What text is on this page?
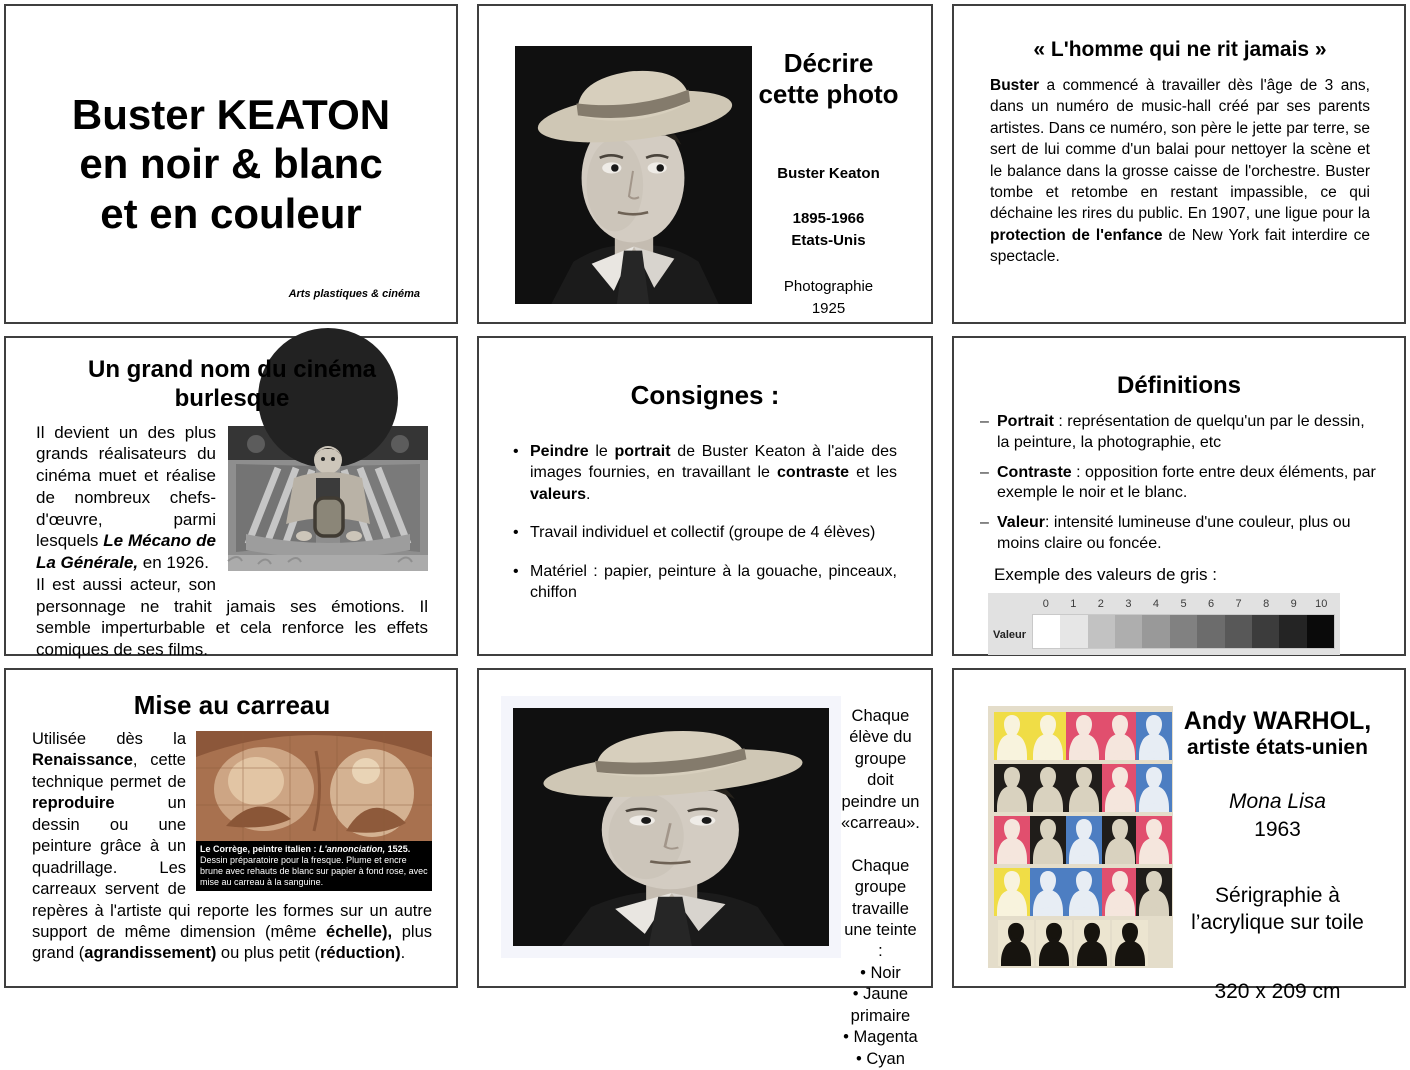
Buster KEATON
en noir & blanc
et en couleur
Arts plastiques & cinéma
Décrire cette photo
Buster Keaton
1895-1966
Etats-Unis
Photographie
1925
« L'homme qui ne rit jamais »

Buster a commencé à travailler dès l'âge de 3 ans, dans un numéro de music-hall créé par ses parents artistes. Dans ce numéro, son père le jette par terre, se sert de lui comme d'un balai pour nettoyer la scène et le balance dans la grosse caisse de l'orchestre. Buster tombe et retombe en restant impassible, ce qui déchaine les rires du public. En 1907, une ligue pour la protection de l'enfance de New York fait interdire ce spectacle.

Un grand nom du cinéma burlesque
Il devient un des plus grands réalisateurs du cinéma muet et réalise de nombreux chefs-d'œuvre, parmi lesquels Le Mécano de La Générale, en 1926.
Il est aussi acteur, son personnage ne trahit jamais ses émotions. Il semble imperturbable et cela renforce les effets comiques de ses films.
Consignes :
• Peindre le portrait de Buster Keaton à l'aide des images fournies, en travaillant le contraste et les valeurs.
• Travail individuel et collectif (groupe de 4 élèves)
• Matériel : papier, peinture à la gouache, pinceaux, chiffon
Définitions
– Portrait : représentation de quelqu'un par le dessin, la peinture, la photographie, etc
– Contraste : opposition forte entre deux éléments, par exemple le noir et le blanc.
– Valeur: intensité lumineuse d'une couleur, plus ou moins claire ou foncée.
Exemple des valeurs de gris :
Valeur
0	1	2	3	4	5	6	7	8	9	10
Mise au carreau
Le Corrège, peintre italien : L'annonciation, 1525. Dessin préparatoire pour la fresque. Plume et encre brune avec rehauts de blanc sur papier à fond rose, avec mise au carreau à la sanguine.
Utilisée dès la Renaissance, cette technique permet de reproduire un dessin ou une peinture grâce à un quadrillage. Les carreaux servent de repères à l'artiste qui reporte les formes sur un autre support de même dimension (même échelle), plus grand (agrandissement) ou plus petit (réduction).
Chaque élève du groupe doit peindre un «carreau».
Chaque groupe travaille une teinte :
• Noir
• Jaune primaire
• Magenta
• Cyan
Andy WARHOL,
artiste états-unien
Mona Lisa
1963
Sérigraphie à l’acrylique sur toile
320 x 209 cm
